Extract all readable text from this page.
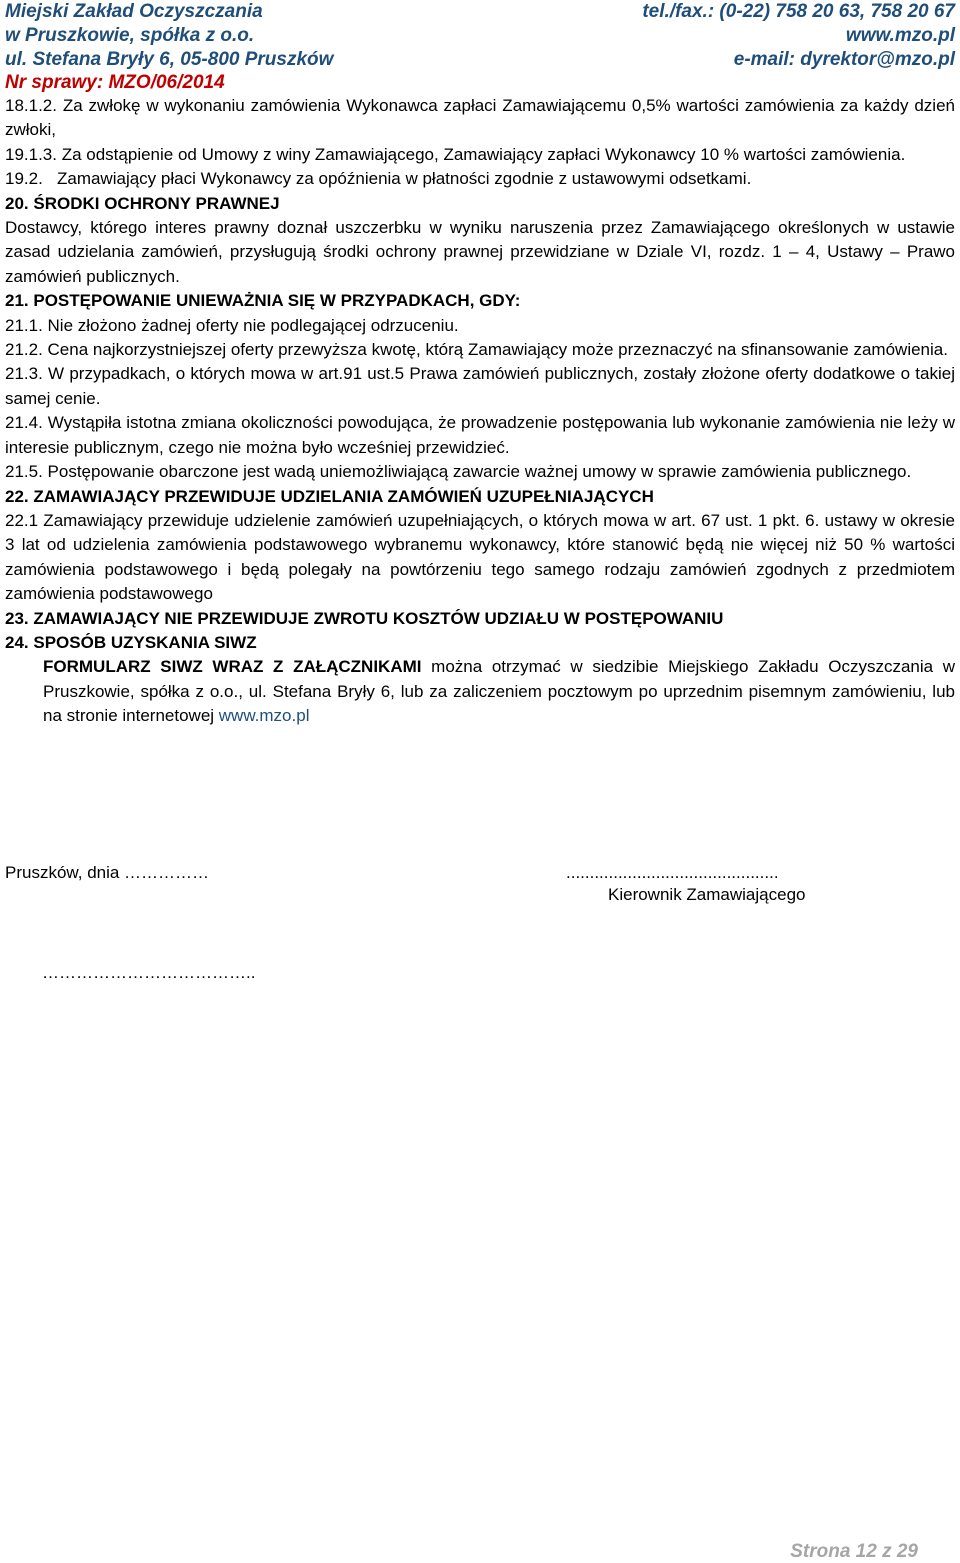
Miejski Zakład Oczyszczania	tel./fax.: (0-22) 758 20 63, 758 20 67
w Pruszkowie, spółka z o.o.	www.mzo.pl
ul. Stefana Bryły 6, 05-800 Pruszków	e-mail: dyrektor@mzo.pl
Nr sprawy: MZO/06/2014

18.1.2. Za zwłokę w wykonaniu zamówienia Wykonawca zapłaci Zamawiającemu 0,5% wartości zamówienia za każdy dzień zwłoki,

19.1.3. Za odstąpienie od Umowy z winy Zamawiającego, Zamawiający zapłaci Wykonawcy 10 % wartości zamówienia.

19.2.   Zamawiający płaci Wykonawcy za opóźnienia w płatności zgodnie z ustawowymi odsetkami.

20. ŚRODKI OCHRONY PRAWNEJ

Dostawcy, którego interes prawny doznał uszczerbku w wyniku naruszenia przez Zamawiającego określonych w ustawie zasad udzielania zamówień, przysługują środki ochrony prawnej przewidziane w Dziale VI, rozdz. 1 – 4, Ustawy – Prawo zamówień publicznych.

21. POSTĘPOWANIE UNIEWAŻNIA SIĘ W PRZYPADKACH, GDY:

21.1. Nie złożono żadnej oferty nie podlegającej odrzuceniu.

21.2. Cena najkorzystniejszej oferty przewyższa kwotę, którą Zamawiający może przeznaczyć na sfinansowanie zamówienia.

21.3. W przypadkach, o których mowa w art.91 ust.5 Prawa zamówień publicznych, zostały złożone oferty dodatkowe o takiej samej cenie.

21.4. Wystąpiła istotna zmiana okoliczności powodująca, że prowadzenie postępowania lub wykonanie zamówienia nie leży w interesie publicznym, czego nie można było wcześniej przewidzieć.

21.5. Postępowanie obarczone jest wadą uniemożliwiającą zawarcie ważnej umowy w sprawie zamówienia publicznego.

22. ZAMAWIAJĄCY PRZEWIDUJE UDZIELANIA ZAMÓWIEŃ UZUPEŁNIAJĄCYCH

22.1 Zamawiający przewiduje udzielenie zamówień uzupełniających, o których mowa w art. 67 ust. 1 pkt. 6. ustawy w okresie 3 lat od udzielenia zamówienia podstawowego wybranemu wykonawcy, które stanowić będą nie więcej niż 50 % wartości zamówienia podstawowego i będą polegały na powtórzeniu tego samego rodzaju zamówień zgodnych z przedmiotem zamówienia podstawowego

23. ZAMAWIAJĄCY NIE PRZEWIDUJE ZWROTU KOSZTÓW UDZIAŁU W POSTĘPOWANIU

24. SPOSÓB UZYSKANIA SIWZ

FORMULARZ SIWZ WRAZ Z ZAŁĄCZNIKAMI można otrzymać w siedzibie Miejskiego Zakładu Oczyszczania w Pruszkowie, spółka z o.o., ul. Stefana Bryły 6, lub za zaliczeniem pocztowym po uprzednim pisemnym zamówieniu, lub na stronie internetowej www.mzo.pl

Pruszków, dnia ……………	.............................................
Kierownik Zamawiającego
………………………………..
Strona 12 z 29
